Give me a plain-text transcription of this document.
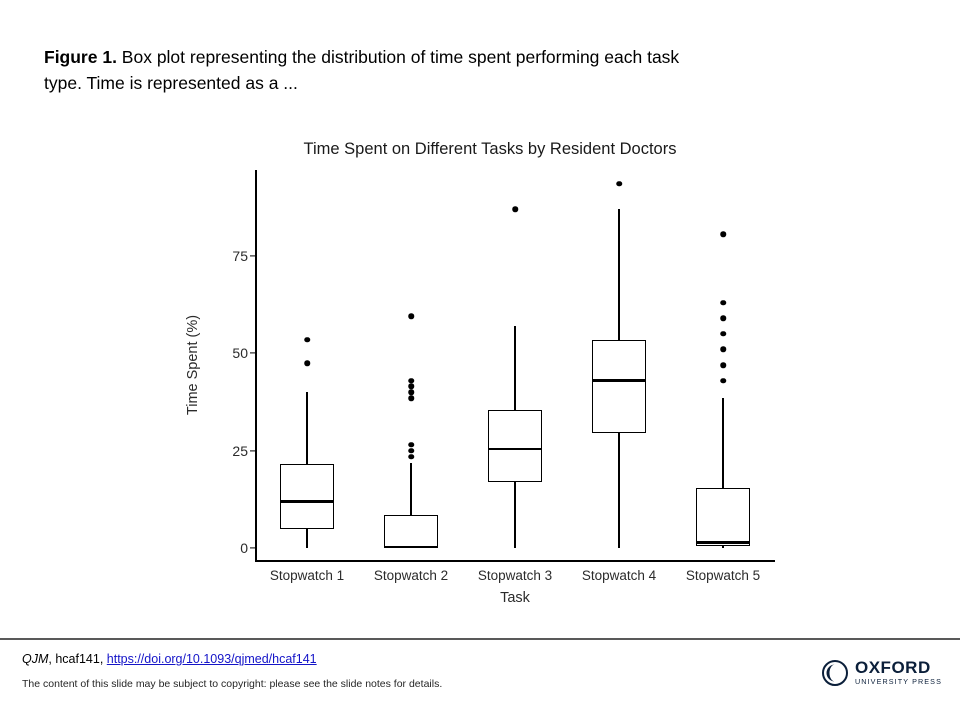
Figure 1. Box plot representing the distribution of time spent performing each task type. Time is represented as a ...
Time Spent on Different Tasks by Resident Doctors
Time Spent (%)
Task
0
25
50
75
Stopwatch 1 Stopwatch 2 Stopwatch 3 Stopwatch 4 Stopwatch 5
QJM, hcaf141, https://doi.org/10.1093/qjmed/hcaf141
The content of this slide may be subject to copyright: please see the slide notes for details.
OXFORD
UNIVERSITY PRESS
